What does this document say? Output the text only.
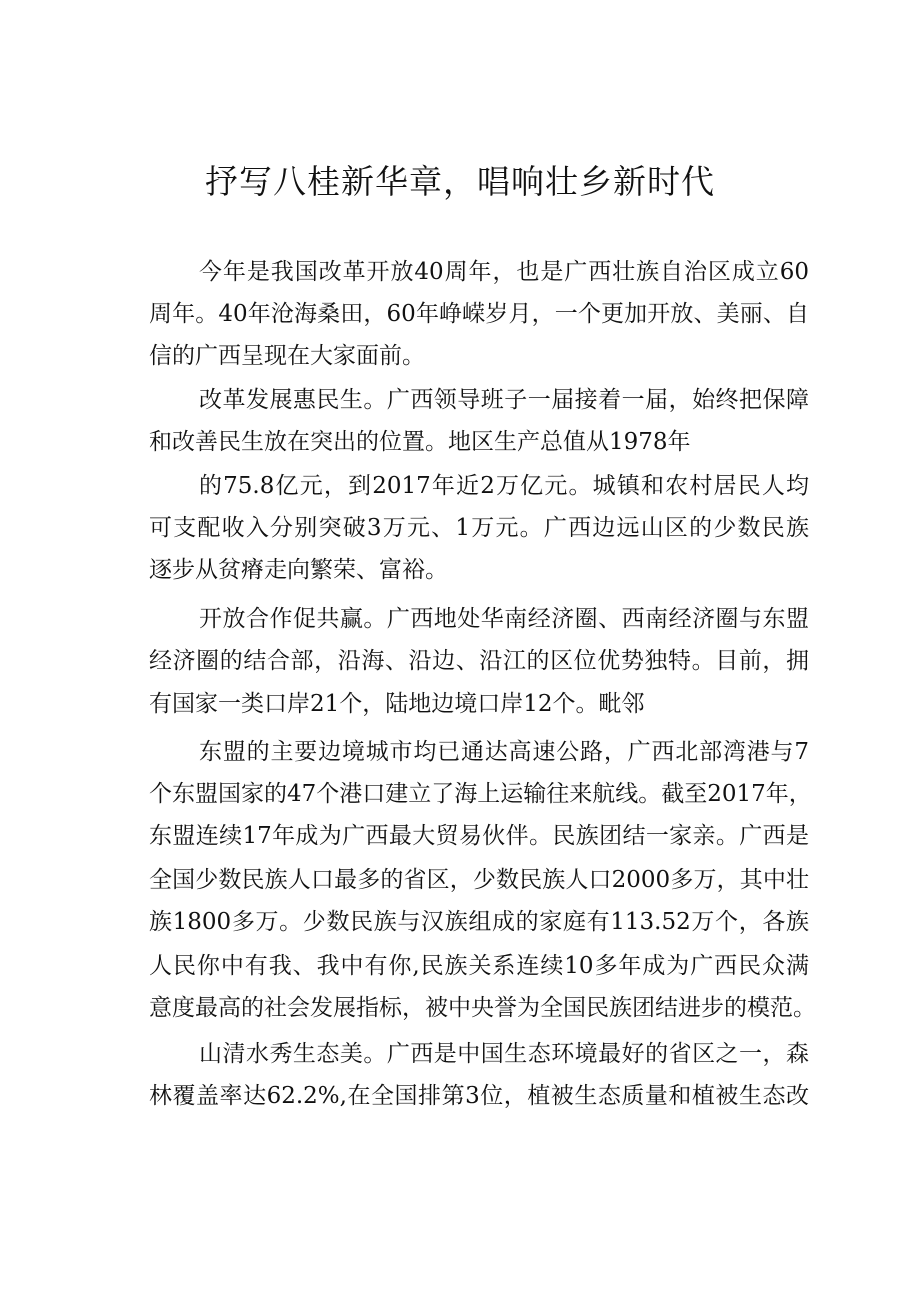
抒写八桂新华章，唱响壮乡新时代
今年是我国改革开放40周年，也是广西壮族自治区成立60
周年。40年沧海桑田，60年峥嵘岁月，一个更加开放、美丽、自
信的广西呈现在大家面前。
改革发展惠民生。广西领导班子一届接着一届，始终把保障
和改善民生放在突出的位置。地区生产总值从1978年
的75.8亿元，到2017年近2万亿元。城镇和农村居民人均
可支配收入分别突破3万元、1万元。广西边远山区的少数民族
逐步从贫瘠走向繁荣、富裕。
开放合作促共赢。广西地处华南经济圈、西南经济圈与东盟
经济圈的结合部，沿海、沿边、沿江的区位优势独特。目前，拥
有国家一类口岸21个，陆地边境口岸12个。毗邻
东盟的主要边境城市均已通达高速公路，广西北部湾港与7
个东盟国家的47个港口建立了海上运输往来航线。截至2017年，
东盟连续17年成为广西最大贸易伙伴。民族团结一家亲。广西是
全国少数民族人口最多的省区，少数民族人口2000多万，其中壮
族1800多万。少数民族与汉族组成的家庭有113.52万个，各族
人民你中有我、我中有你,民族关系连续10多年成为广西民众满
意度最高的社会发展指标，被中央誉为全国民族团结进步的模范。
山清水秀生态美。广西是中国生态环境最好的省区之一，森
林覆盖率达62.2%,在全国排第3位，植被生态质量和植被生态改
